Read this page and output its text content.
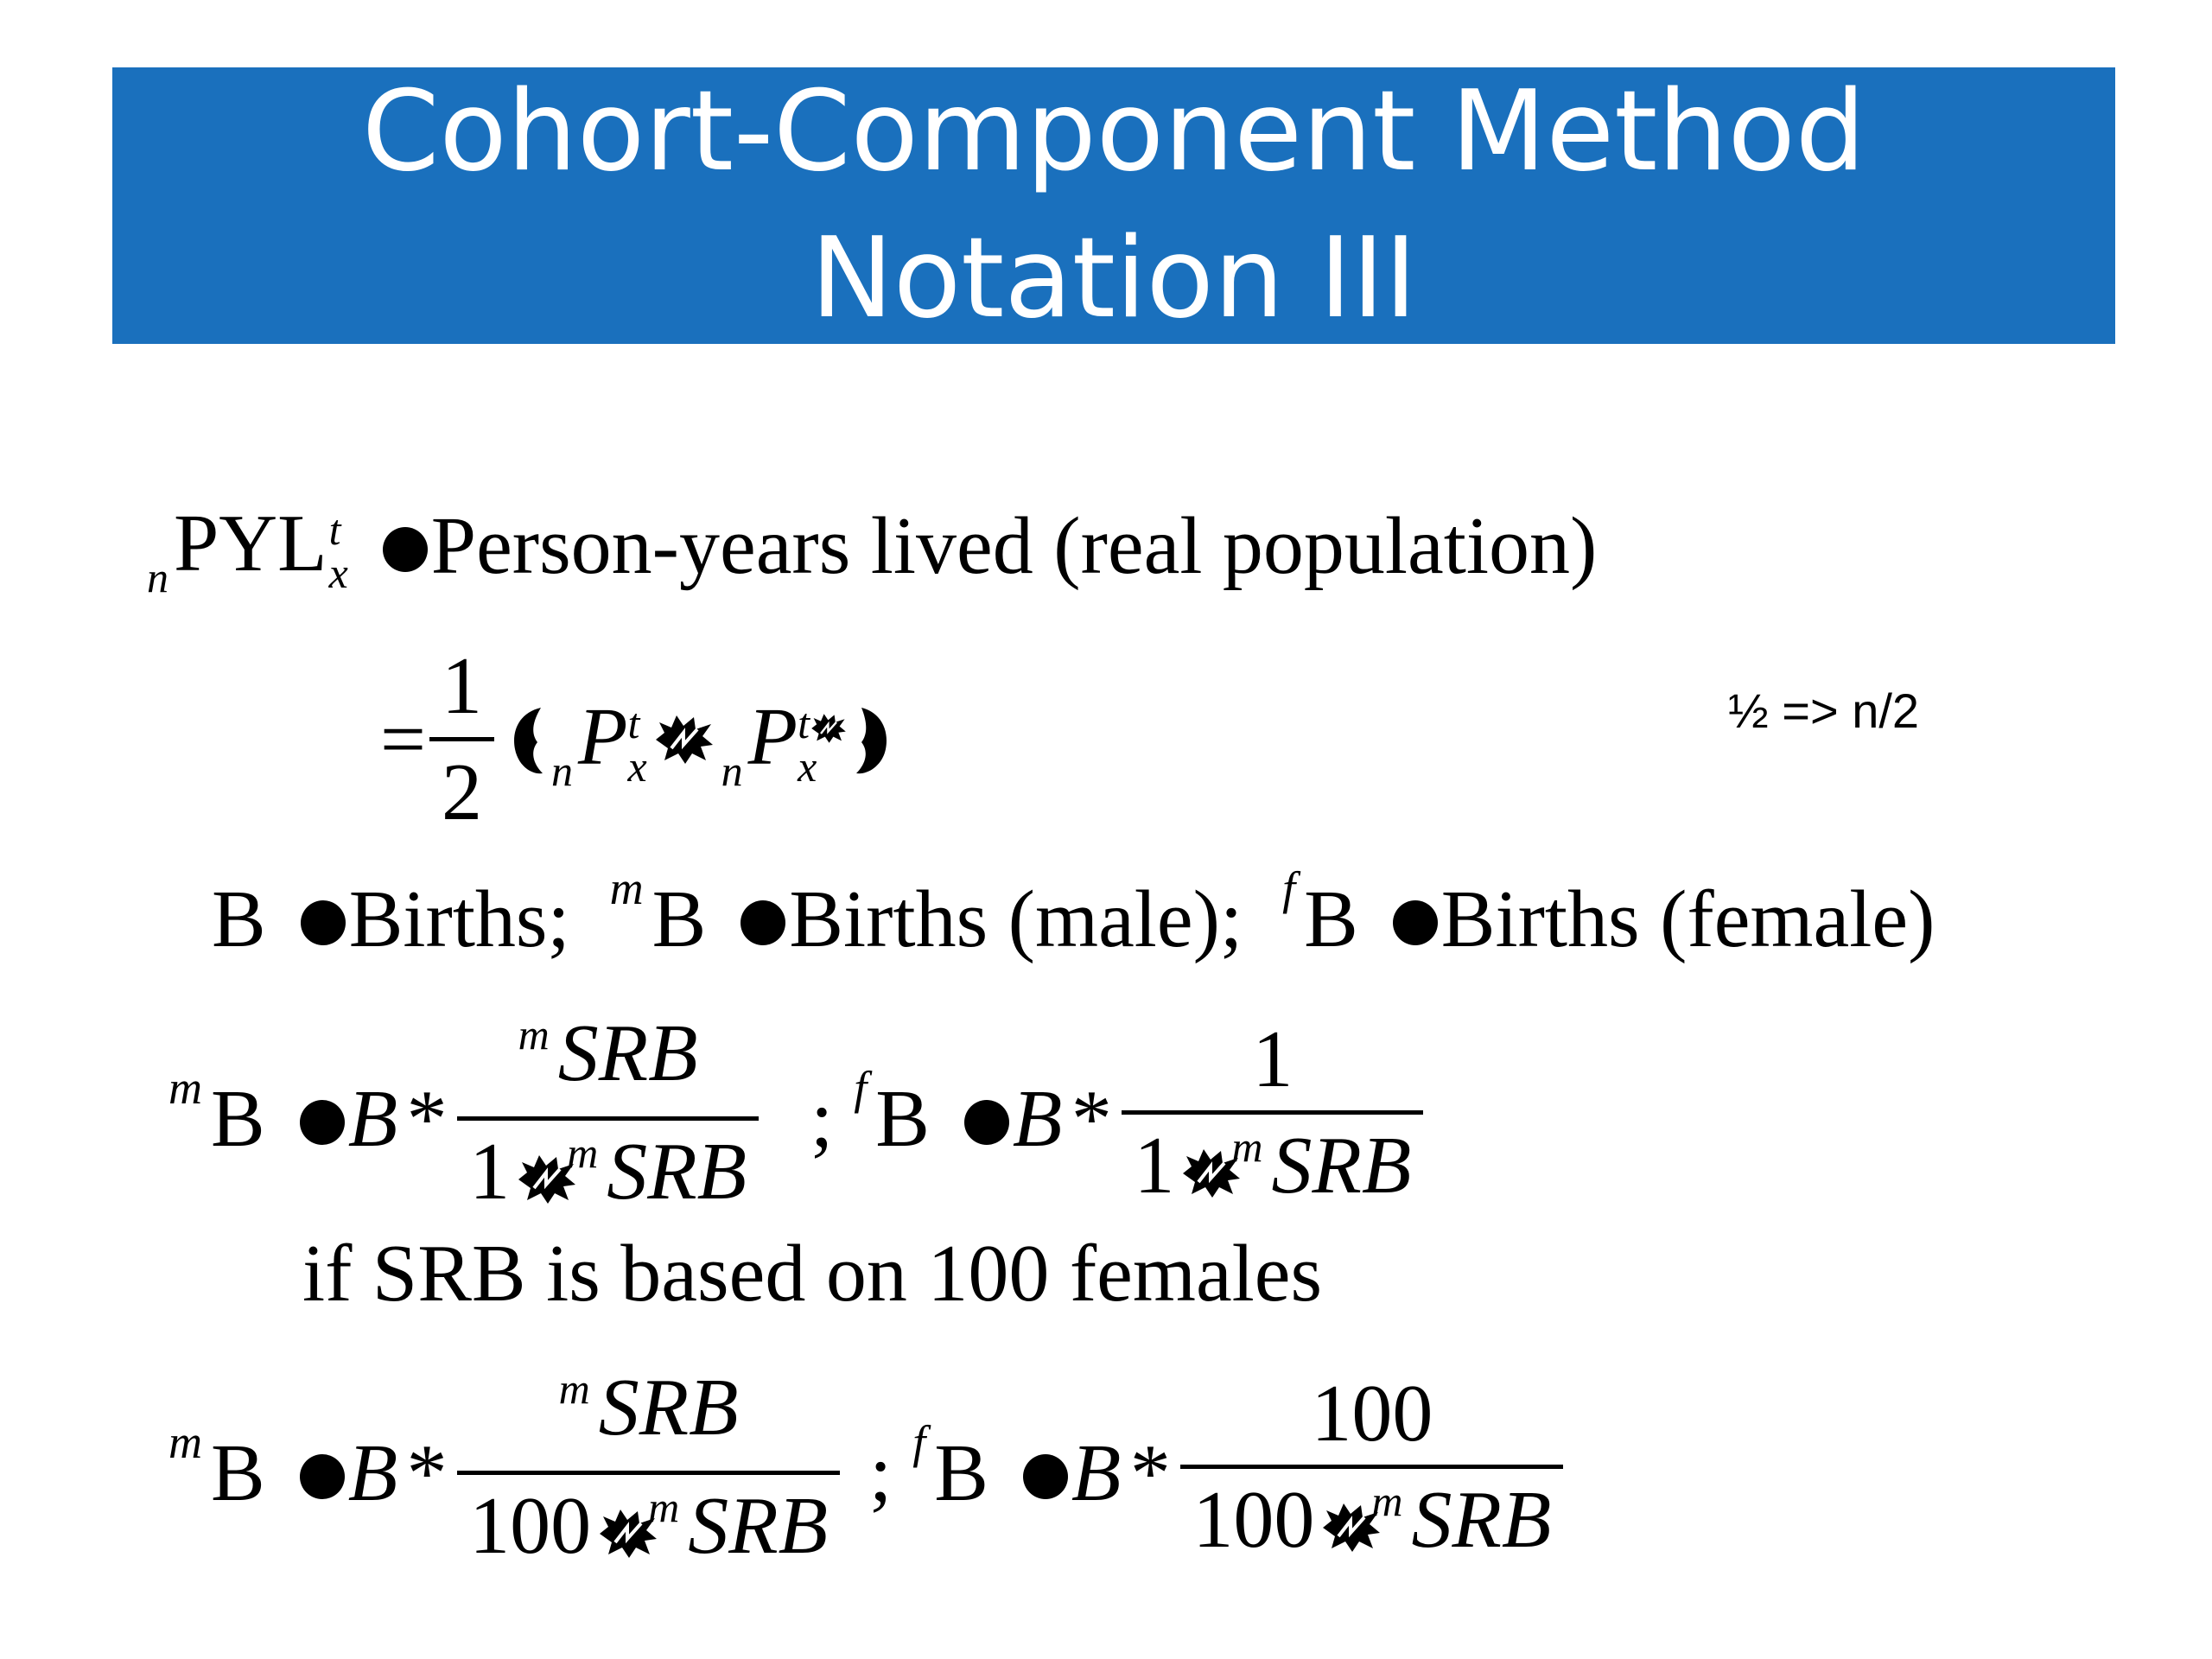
Cohort-Component Method
Notation III
n PYL t
x Person-years lived (real population)
=
1
2 n P t
x n P t
x
½ => n/2
B Births; m B Births (male); f B Births (female)
m B B *
$^m$ SRB
1 $^m$ SRB
; f B B *
1
1 $^m$ SRB
if SRB is based on 100 females
m B B *
$^m$ SRB
100 $^m$ SRB
; f B B *
100
100 $^m$ SRB
